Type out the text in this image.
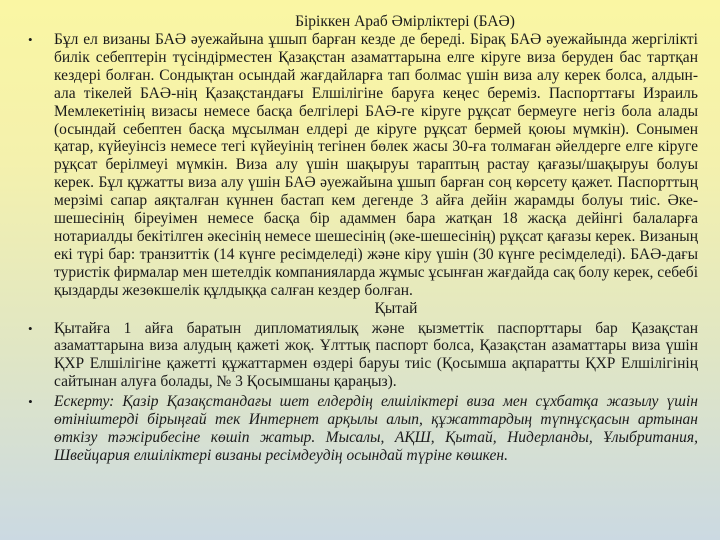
Біріккен Араб Әмірліктері (БАӘ)
• Бұл ел визаны БАӘ әуежайына ұшып барған кезде де береді. Бірақ БАӘ әуежайында жергілікті билік себептерін түсіндірместен Қазақстан азаматтарына елге кіруге виза беруден бас тартқан кездері болған. Сондықтан осындай жағдайларға тап болмас үшін виза алу керек болса, алдын-ала тікелей БАӘ-нің Қазақстандағы Елшілігіне баруға кеңес береміз. Паспорттағы Израиль Мемлекетінің визасы немесе басқа белгілері БАӘ-ге кіруге рұқсат бермеуге негіз бола алады (осындай себептен басқа мұсылман елдері де кіруге рұқсат бермей қоюы мүмкін). Сонымен қатар, күйеуінсіз немесе тегі күйеуінің тегінен бөлек жасы 30-ға толмаған әйелдерге елге кіруге рұқсат берілмеуі мүмкін. Виза алу үшін шақыруы тараптың растау қағазы/шақыруы болуы керек. Бұл құжатты виза алу үшін БАӘ әуежайына ұшып барған соң көрсету қажет. Паспорттың мерзімі сапар аяқталған күннен бастап кем дегенде 3 айға дейін жарамды болуы тиіс. Әке-шешесінің біреуімен немесе басқа бір адаммен бара жатқан 18 жасқа дейінгі балаларға нотариалды бекітілген әкесінің немесе шешесінің (әке-шешесінің) рұқсат қағазы керек. Визаның екі түрі бар: транзиттік (14 күнге ресімделеді) және кіру үшін (30 күнге ресімделеді). БАӘ-дағы туристік фирмалар мен шетелдік компанияларда жұмыс ұсынған жағдайда сақ болу керек, себебі қыздарды жезөкшелік құлдыққа салған кездер болған.
Қытай
• Қытайға 1 айға баратын дипломатиялық және қызметтік паспорттары бар Қазақстан азаматтарына виза алудың қажеті жоқ. Ұлттық паспорт болса, Қазақстан азаматтары виза үшін ҚХР Елшілігіне қажетті құжаттармен өздері баруы тиіс (Қосымша ақпаратты ҚХР Елшілігінің сайтынан алуға болады, № 3 Қосымшаны қараңыз).
• Ескерту: Қазір Қазақстандағы шет елдердің елшіліктері виза мен сұхбатқа жазылу үшін өтініштерді бірыңғай тек Интернет арқылы алып, құжаттардың түпнұсқасын артынан өткізу тәжірибесіне көшіп жатыр. Мысалы, АҚШ, Қытай, Нидерланды, Ұлыбритания, Швейцария елшіліктері визаны ресімдеудің осындай түріне көшкен.
